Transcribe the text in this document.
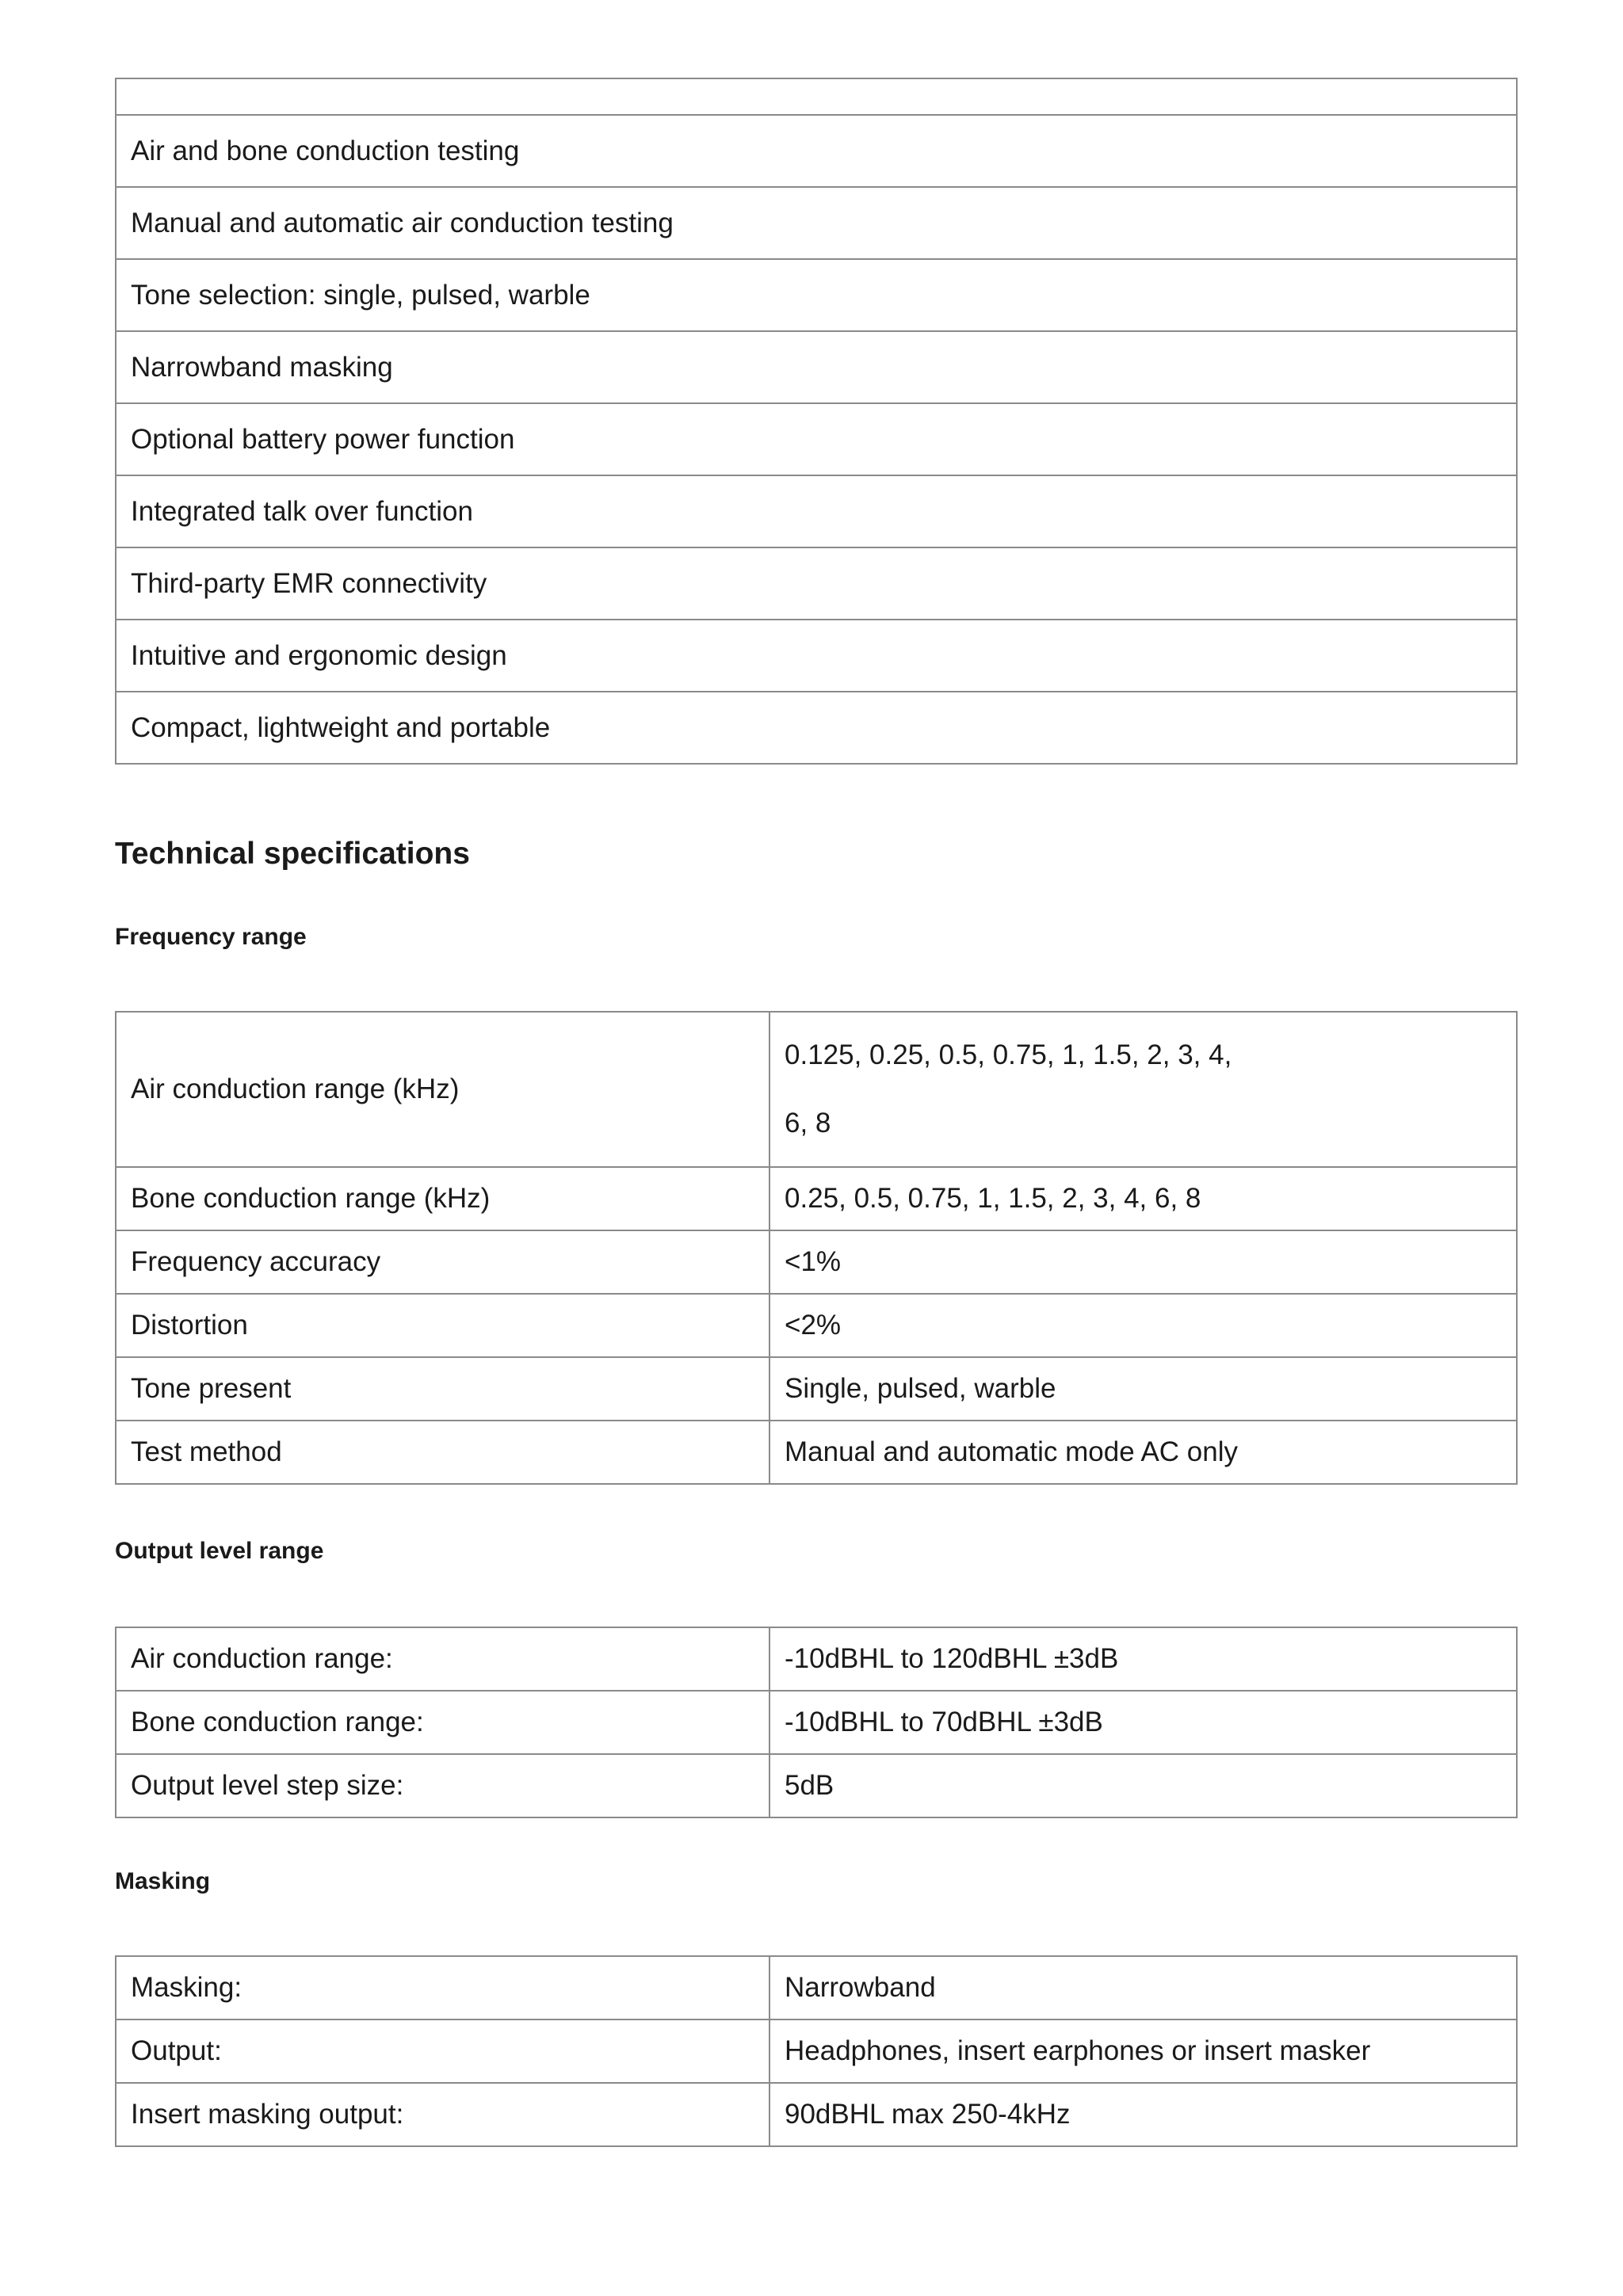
Air and bone conduction testing
Manual and automatic air conduction testing
Tone selection: single, pulsed, warble
Narrowband masking
Optional battery power function
Integrated talk over function
Third-party EMR connectivity
Intuitive and ergonomic design
Compact, lightweight and portable
Technical specifications
Frequency range
Air conduction range (kHz)	0.125, 0.25, 0.5, 0.75, 1, 1.5, 2, 3, 4,
6, 8

Bone conduction range (kHz)	0.25, 0.5, 0.75, 1, 1.5, 2, 3, 4, 6, 8
Frequency accuracy	<1%
Distortion	<2%
Tone present	Single, pulsed, warble
Test method	Manual and automatic mode AC only
Output level range
Air conduction range:	-10dBHL to 120dBHL ±3dB
Bone conduction range:	-10dBHL to 70dBHL ±3dB
Output level step size:	5dB
Masking
Masking:	Narrowband
Output:	Headphones, insert earphones or insert masker
Insert masking output:	90dBHL max 250-4kHz
